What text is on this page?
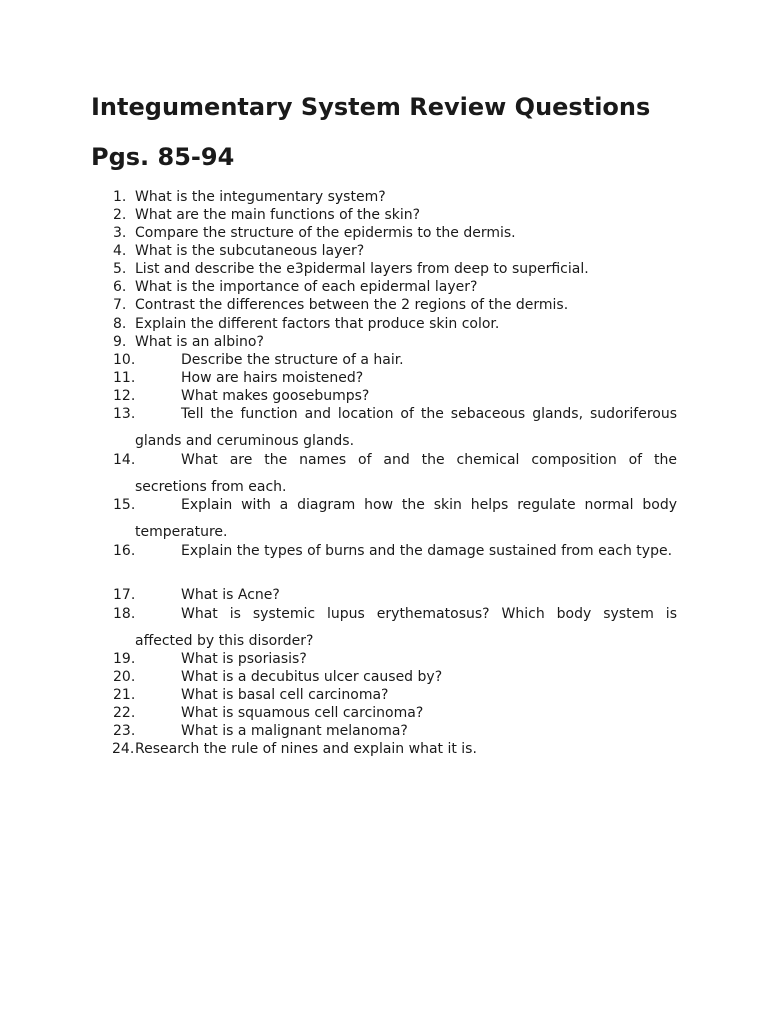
Integumentary System Review Questions
Pgs. 85-94
1. What is the integumentary system?
2. What are the main functions of the skin?
3. Compare the structure of the epidermis to the dermis.
4. What is the subcutaneous layer?
5. List and describe the e3pidermal layers from deep to superficial.
6. What is the importance of each epidermal layer?
7. Contrast the differences between the 2 regions of the dermis.
8. Explain the different factors that produce skin color.
9. What is an albino?
10.	Describe the structure of a hair.
11.	How are hairs moistened?
12.	What makes goosebumps?
13.	Tell the function and location of the sebaceous glands, sudoriferous glands and ceruminous glands.
14.	What are the names of and the chemical composition of the secretions from each.
15.	Explain with a diagram how the skin helps regulate normal body temperature.
16.	Explain the types of burns and the damage sustained from each type.
17.	What is Acne?
18.	What is systemic lupus erythematosus? Which body system is affected by this disorder?
19.	What is psoriasis?
20.	What is a decubitus ulcer caused by?
21.	What is basal cell carcinoma?
22.	What is squamous cell carcinoma?
23.	What is a malignant melanoma?
24. Research the rule of nines and explain what it is.
